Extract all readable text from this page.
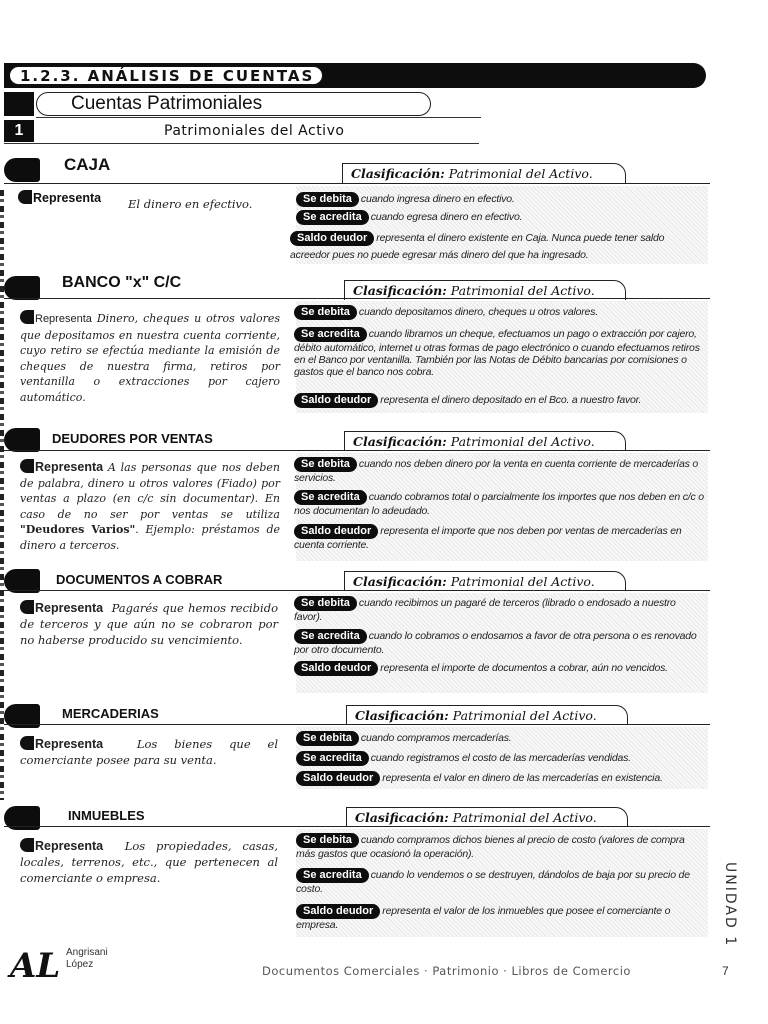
1.2.3. ANÁLISIS DE CUENTAS
Cuentas Patrimoniales
1	Patrimoniales del Activo
CAJA	Clasificación: Patrimonial del Activo.
Representa El dinero en efectivo.	Se debita cuando ingresa dinero en efectivo.
Se acredita cuando egresa dinero en efectivo.
Saldo deudor representa el dinero existente en Caja. Nunca puede tener saldo acreedor pues no puede egresar más dinero del que ha ingresado.
BANCO "x" C/C	Clasificación: Patrimonial del Activo.
Representa Dinero, cheques u otros valores que depositamos en nuestra cuenta corriente, cuyo retiro se efectúa mediante la emisión de cheques de nuestra firma, retiros por ventanilla o extracciones por cajero automático.
Se debita cuando depositamos dinero, cheques u otros valores.
Se acredita cuando libramos un cheque, efectuamos un pago o extracción por cajero, débito automático, internet u otras formas de pago electrónico o cuando efectuamos retiros en el Banco por ventanilla. También por las Notas de Débito bancarias por comisiones o gastos que el banco nos cobra.
Saldo deudor representa el dinero depositado en el Bco. a nuestro favor.
DEUDORES POR VENTAS	Clasificación: Patrimonial del Activo.
Representa A las personas que nos deben de palabra, dinero u otros valores (Fiado) por ventas a plazo (en c/c sin documentar). En caso de no ser por ventas se utiliza "Deudores Varios". Ejemplo: préstamos de dinero a terceros.
Se debita cuando nos deben dinero por la venta en cuenta corriente de mercaderías o servicios.
Se acredita cuando cobramos total o parcialmente los importes que nos deben en c/c o nos documentan lo adeudado.
Saldo deudor representa el importe que nos deben por ventas de mercaderías en cuenta corriente.
DOCUMENTOS A COBRAR	Clasificación: Patrimonial del Activo.
Representa Pagarés que hemos recibido de terceros y que aún no se cobraron por no haberse producido su vencimiento.
Se debita cuando recibimos un pagaré de terceros (librado o endosado a nuestro favor).
Se acredita cuando lo cobramos o endosamos a favor de otra persona o es renovado por otro documento.
Saldo deudor representa el importe de documentos a cobrar, aún no vencidos.
MERCADERIAS	Clasificación: Patrimonial del Activo.
Representa	Los bienes que el comerciante posee para su venta.
Se debita cuando compramos mercaderías.
Se acredita cuando registramos el costo de las mercaderías vendidas.
Saldo deudor representa el valor en dinero de las mercaderías en existencia.
INMUEBLES	Clasificación: Patrimonial del Activo.
Representa Los propiedades, casas, locales, terrenos, etc., que pertenecen al comerciante o empresa.
Se debita cuando compramos dichos bienes al precio de costo (valores de compra más gastos que ocasionó la operación).
Se acredita cuando lo vendemos o se destruyen, dándolos de baja por su precio de costo.
Saldo deudor representa el valor de los inmuebles que posee el comerciante o empresa.	UNIDAD 1
AL Angrisani
López	Documentos Comerciales · Patrimonio · Libros de Comercio	7
